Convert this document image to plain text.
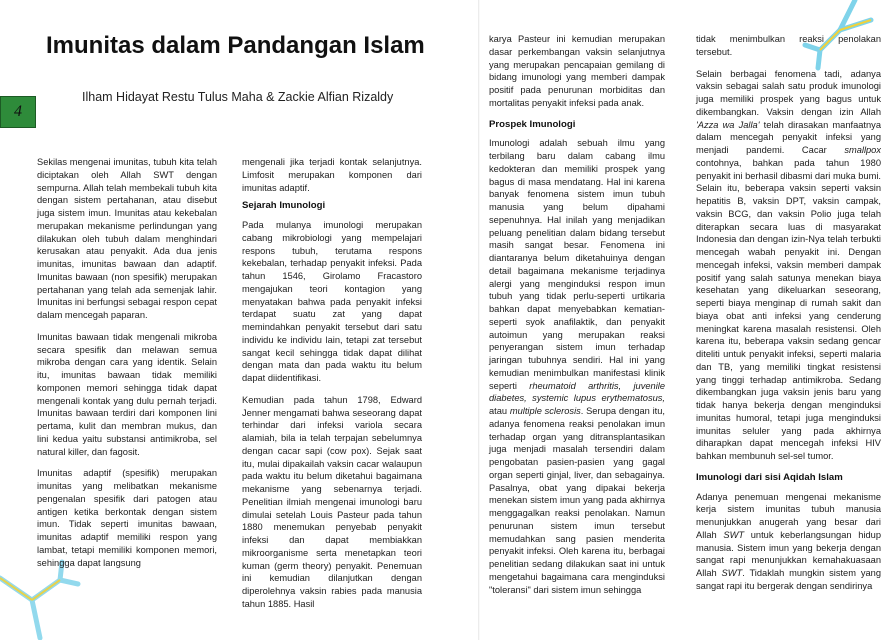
Imunitas dalam Pandangan Islam

Ilham Hidayat Restu Tulus Maha & Zackie Alfian Rizaldy

4

Sekilas mengenai imunitas, tubuh kita telah diciptakan oleh Allah SWT dengan sempurna. Allah telah membekali tubuh kita dengan sistem pertahanan, atau disebut juga sistem imun. Imunitas atau kekebalan merupakan mekanisme perlindungan yang dilakukan oleh tubuh dalam menghindari kerusakan atau penyakit. Ada dua jenis imunitas, imunitas bawaan dan adaptif. Imunitas bawaan (non spesifik) merupakan pertahanan yang telah ada semenjak lahir. Imunitas ini berfungsi sebagai respon cepat dalam mencegah paparan.

Imunitas bawaan tidak mengenali mikroba secara spesifik dan melawan semua mikroba dengan cara yang identik. Selain itu, imunitas bawaan tidak memiliki komponen memori sehingga tidak dapat mengenali kontak yang dulu pernah terjadi. Imunitas bawaan terdiri dari komponen lini pertama, kulit dan membran mukus, dan lini kedua yaitu substansi antimikroba, sel natural killer, dan fagosit.

Imunitas adaptif (spesifik) merupakan imunitas yang melibatkan mekanisme pengenalan spesifik dari patogen atau antigen ketika berkontak dengan sistem imun. Tidak seperti imunitas bawaan, imunitas adaptif memiliki respon yang lambat, tetapi memiliki komponen memori, sehingga dapat langsung

mengenali jika terjadi kontak selanjutnya. Limfosit merupakan komponen dari imunitas adaptif.

Sejarah Imunologi

Pada mulanya imunologi merupakan cabang mikrobiologi yang mempelajari respons tubuh, terutama respons kekebalan, terhadap penyakit infeksi. Pada tahun 1546, Girolamo Fracastoro mengajukan teori kontagion yang menyatakan bahwa pada penyakit infeksi terdapat suatu zat yang dapat memindahkan penyakit tersebut dari satu individu ke individu lain, tetapi zat tersebut sangat kecil sehingga tidak dapat dilihat dengan mata dan pada waktu itu belum dapat diidentifikasi.

Kemudian pada tahun 1798, Edward Jenner mengamati bahwa seseorang dapat terhindar dari infeksi variola secara alamiah, bila ia telah terpajan sebelumnya dengan cacar sapi (cow pox). Sejak saat itu, mulai dipakailah vaksin cacar walaupun pada waktu itu belum diketahui bagaimana mekanisme yang sebenarnya terjadi. Penelitian ilmiah mengenai imunologi baru dimulai setelah Louis Pasteur pada tahun 1880 menemukan penyebab penyakit infeksi dan dapat membiakkan mikroorganisme serta menetapkan teori kuman (germ theory) penyakit. Penemuan ini kemudian dilanjutkan dengan diperolehnya vaksin rabies pada manusia tahun 1885. Hasil

karya Pasteur ini kemudian merupakan dasar perkembangan vaksin selanjutnya yang merupakan pencapaian gemilang di bidang imunologi yang memberi dampak positif pada penurunan morbiditas dan mortalitas penyakit infeksi pada anak.

Prospek Imunologi

Imunologi adalah sebuah ilmu yang terbilang baru dalam cabang ilmu kedokteran dan memiliki prospek yang bagus di masa mendatang. Hal ini karena banyak fenomena sistem imun tubuh manusia yang belum dipahami sepenuhnya. Hal inilah yang menjadikan peluang penelitian dalam bidang tersebut masih sangat besar. Fenomena ini diantaranya belum diketahuinya dengan detail bagaimana mekanisme terjadinya alergi yang menginduksi respon imun tubuh yang tidak perlu-seperti urtikaria bahkan dapat menyebabkan kematian-seperti syok anafilaktik, dan penyakit autoimun yang merupakan reaksi penyerangan sistem imun terhadap jaringan tubuhnya sendiri. Hal ini yang kemudian menimbulkan manifestasi klinik seperti rheumatoid arthritis, juvenile diabetes, systemic lupus erythematosus, atau multiple sclerosis. Serupa dengan itu, adanya fenomena reaksi penolakan imun terhadap organ yang ditransplantasikan juga menjadi masalah tersendiri dalam pengobatan pasien-pasien yang gagal organ seperti ginjal, liver, dan sebagainya. Pasalnya, obat yang dipakai bekerja menekan sistem imun yang pada akhirnya menggagalkan reaksi penolakan. Namun penurunan sistem imun tersebut memudahkan sang pasien menderita penyakit infeksi. Oleh karena itu, berbagai penelitian sedang dilakukan saat ini untuk mengetahui bagaimana cara menginduksi "toleransi" dari sistem imun sehingga

tidak menimbulkan reaksi penolakan tersebut.

Selain berbagai fenomena tadi, adanya vaksin sebagai salah satu produk imunologi juga memiliki prospek yang bagus untuk dikembangkan. Vaksin dengan izin Allah 'Azza wa Jalla' telah dirasakan manfaatnya dalam mencegah penyakit infeksi yang menjadi pandemi. Cacar smallpox contohnya, bahkan pada tahun 1980 penyakit ini berhasil dibasmi dari muka bumi. Selain itu, beberapa vaksin seperti vaksin hepatitis B, vaksin DPT, vaksin campak, vaksin BCG, dan vaksin Polio juga telah diterapkan secara luas di masyarakat Indonesia dan dengan izin-Nya telah terbukti mencegah wabah penyakit ini. Dengan mencegah infeksi, vaksin memberi dampak positif yang salah satunya menekan biaya kesehatan yang dikeluarkan seseorang, seperti biaya menginap di rumah sakit dan biaya obat anti infeksi yang cenderung meningkat karena masalah resistensi. Oleh karena itu, beberapa vaksin sedang gencar diteliti untuk penyakit infeksi, seperti malaria dan TB, yang memiliki tingkat resistensi yang tinggi terhadap antimikroba. Sedang dikembangkan juga vaksin jenis baru yang tidak hanya bekerja dengan menginduksi imunitas humoral, tetapi juga menginduksi imunitas seluler yang pada akhirnya diharapkan dapat mencegah infeksi HIV bahkan membunuh sel-sel tumor.

Imunologi dari sisi Aqidah Islam

Adanya penemuan mengenai mekanisme kerja sistem imunitas tubuh manusia menunjukkan anugerah yang besar dari Allah SWT untuk keberlangsungan hidup manusia. Sistem imun yang bekerja dengan sangat rapi menunjukkan kemahakuasaan Allah SWT. Tidaklah mungkin sistem yang sangat rapi itu bergerak dengan sendirinya
